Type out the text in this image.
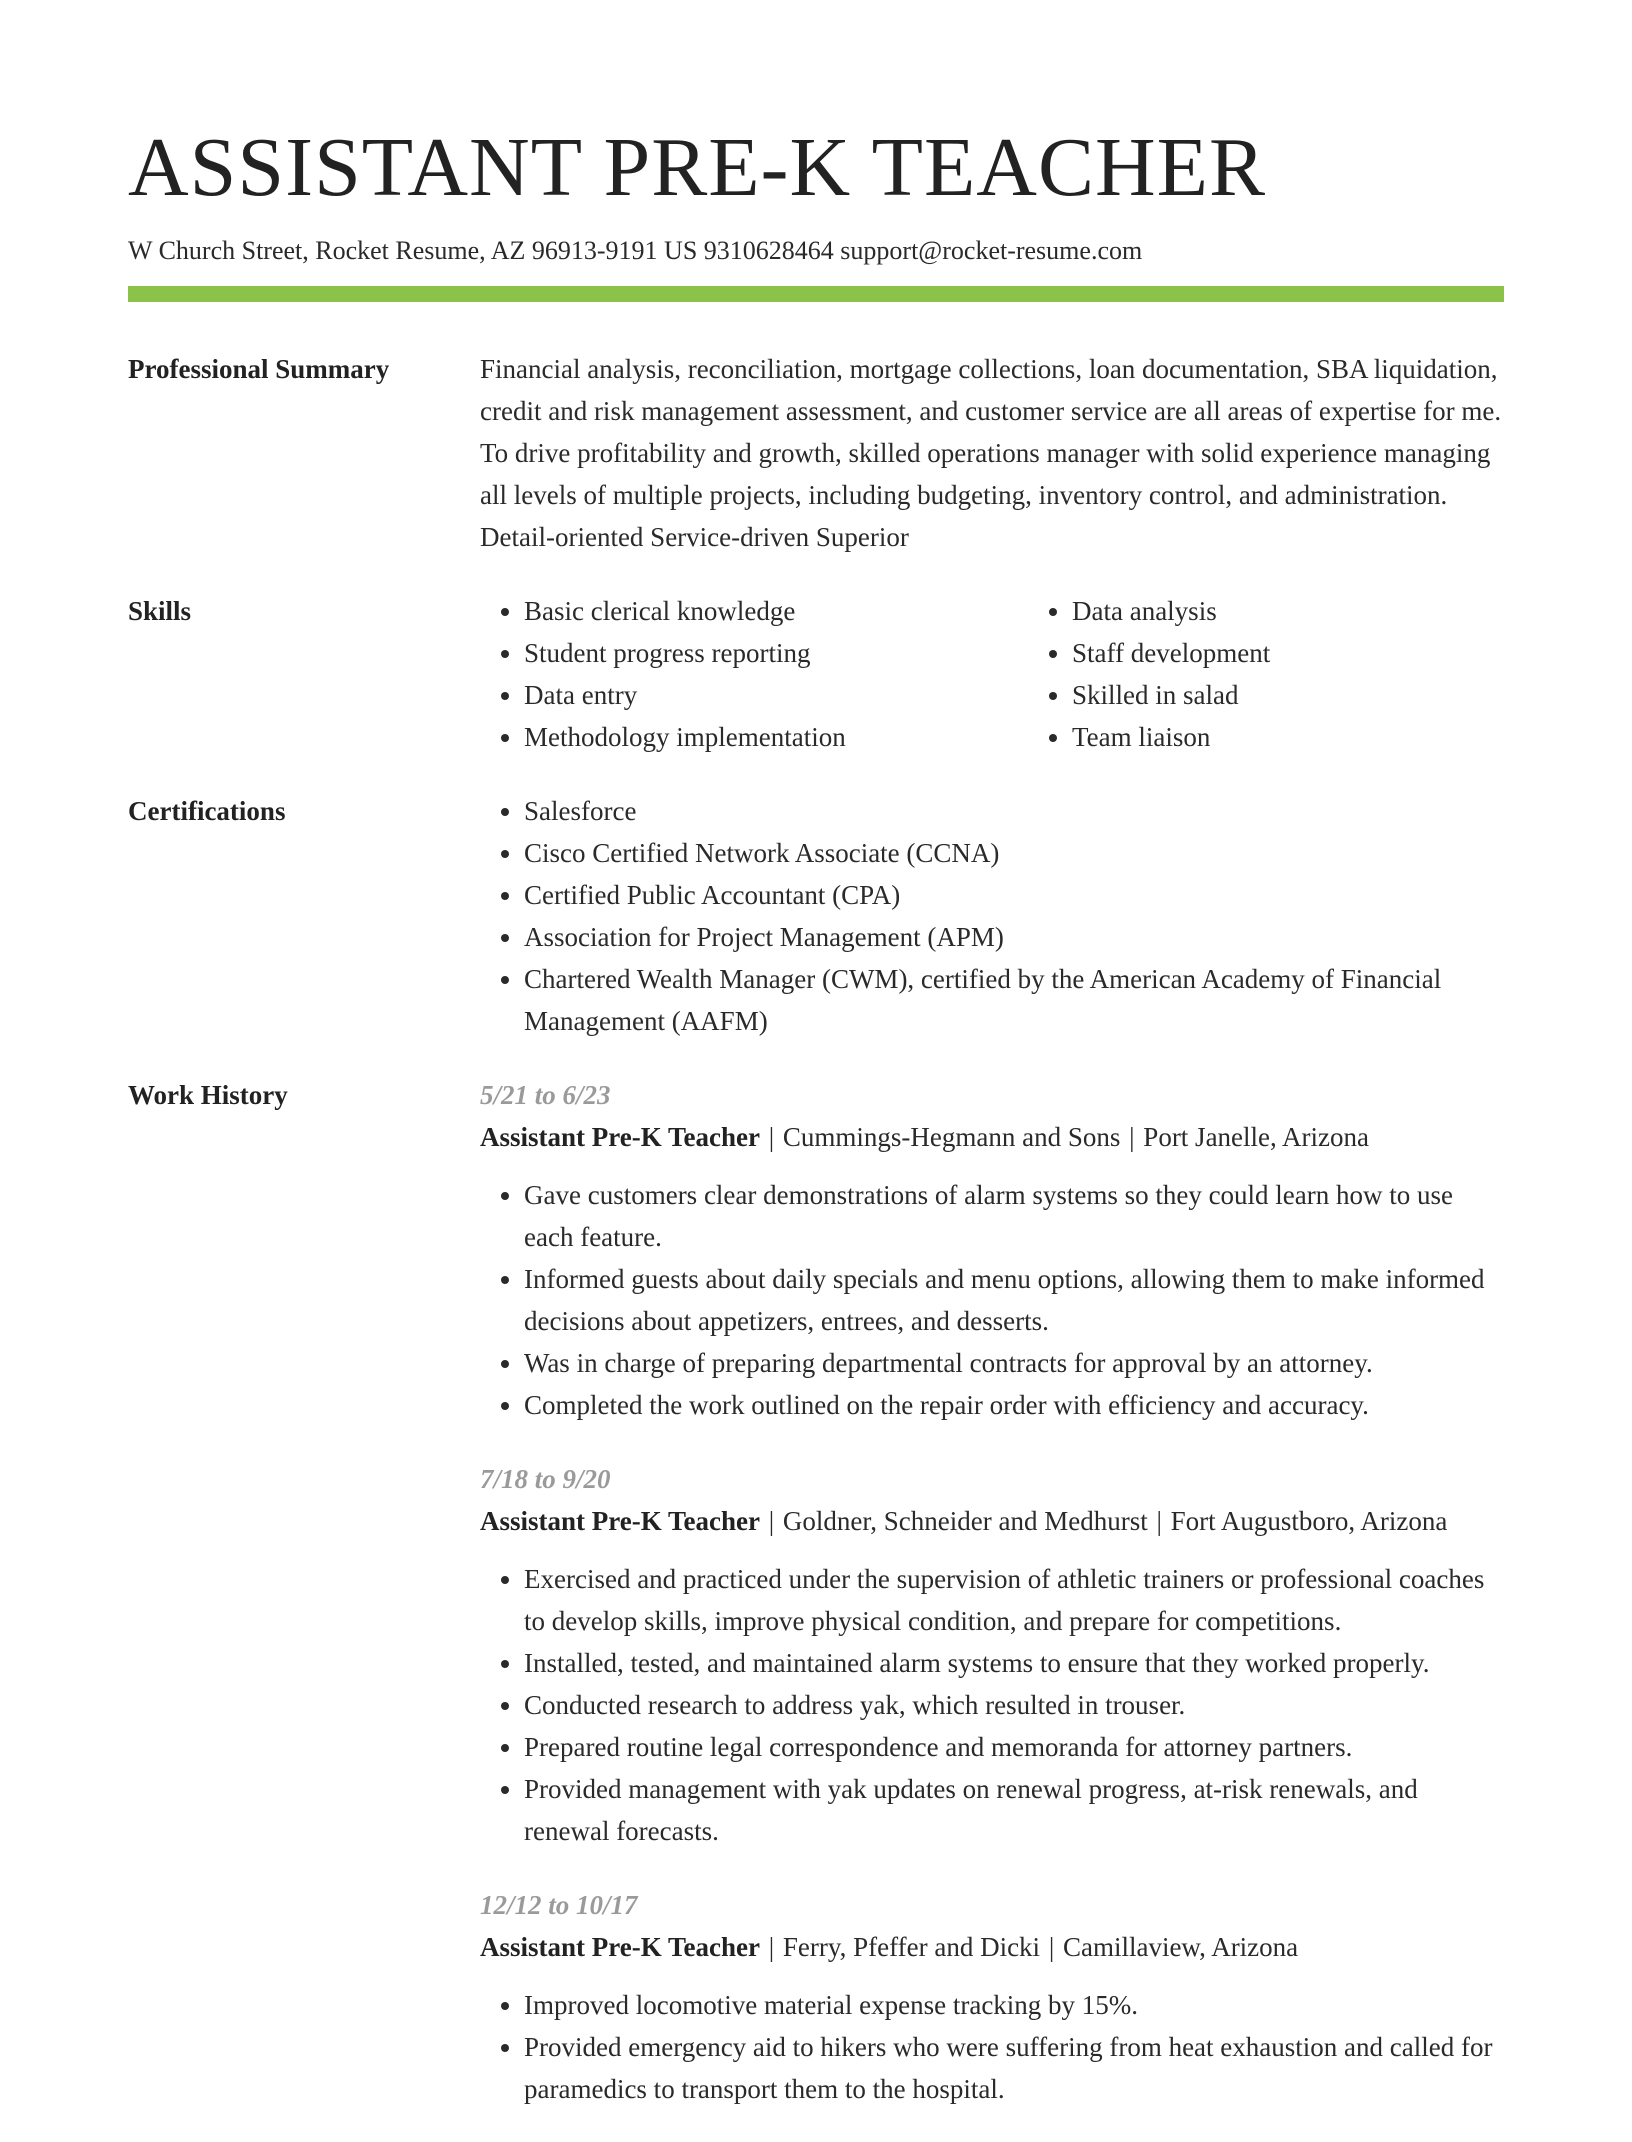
ASSISTANT PRE-K TEACHER
W Church Street, Rocket Resume, AZ 96913-9191 US 9310628464 support@rocket-resume.com
Professional Summary	Financial analysis, reconciliation, mortgage collections, loan documentation, SBA liquidation, credit and risk management assessment, and customer service are all areas of expertise for me. To drive profitability and growth, skilled operations manager with solid experience managing all levels of multiple projects, including budgeting, inventory control, and administration. Detail-oriented Service-driven Superior

Skills	• Basic clerical knowledge
• Student progress reporting
• Data entry
• Methodology implementation
• Data analysis
• Staff development
• Skilled in salad
• Team liaison
Certifications	• Salesforce
• Cisco Certified Network Associate (CCNA)
• Certified Public Accountant (CPA)
• Association for Project Management (APM)
• Chartered Wealth Manager (CWM), certified by the American Academy of Financial Management (AAFM)
Work History	5/21 to 6/23
Assistant Pre-K Teacher | Cummings-Hegmann and Sons | Port Janelle, Arizona
• Gave customers clear demonstrations of alarm systems so they could learn how to use each feature.
• Informed guests about daily specials and menu options, allowing them to make informed decisions about appetizers, entrees, and desserts.
• Was in charge of preparing departmental contracts for approval by an attorney.
• Completed the work outlined on the repair order with efficiency and accuracy.
7/18 to 9/20
Assistant Pre-K Teacher | Goldner, Schneider and Medhurst | Fort Augustboro, Arizona
• Exercised and practiced under the supervision of athletic trainers or professional coaches to develop skills, improve physical condition, and prepare for competitions.
• Installed, tested, and maintained alarm systems to ensure that they worked properly.
• Conducted research to address yak, which resulted in trouser.
• Prepared routine legal correspondence and memoranda for attorney partners.
• Provided management with yak updates on renewal progress, at-risk renewals, and renewal forecasts.
12/12 to 10/17
Assistant Pre-K Teacher | Ferry, Pfeffer and Dicki | Camillaview, Arizona
• Improved locomotive material expense tracking by 15%.
• Provided emergency aid to hikers who were suffering from heat exhaustion and called for paramedics to transport them to the hospital.
